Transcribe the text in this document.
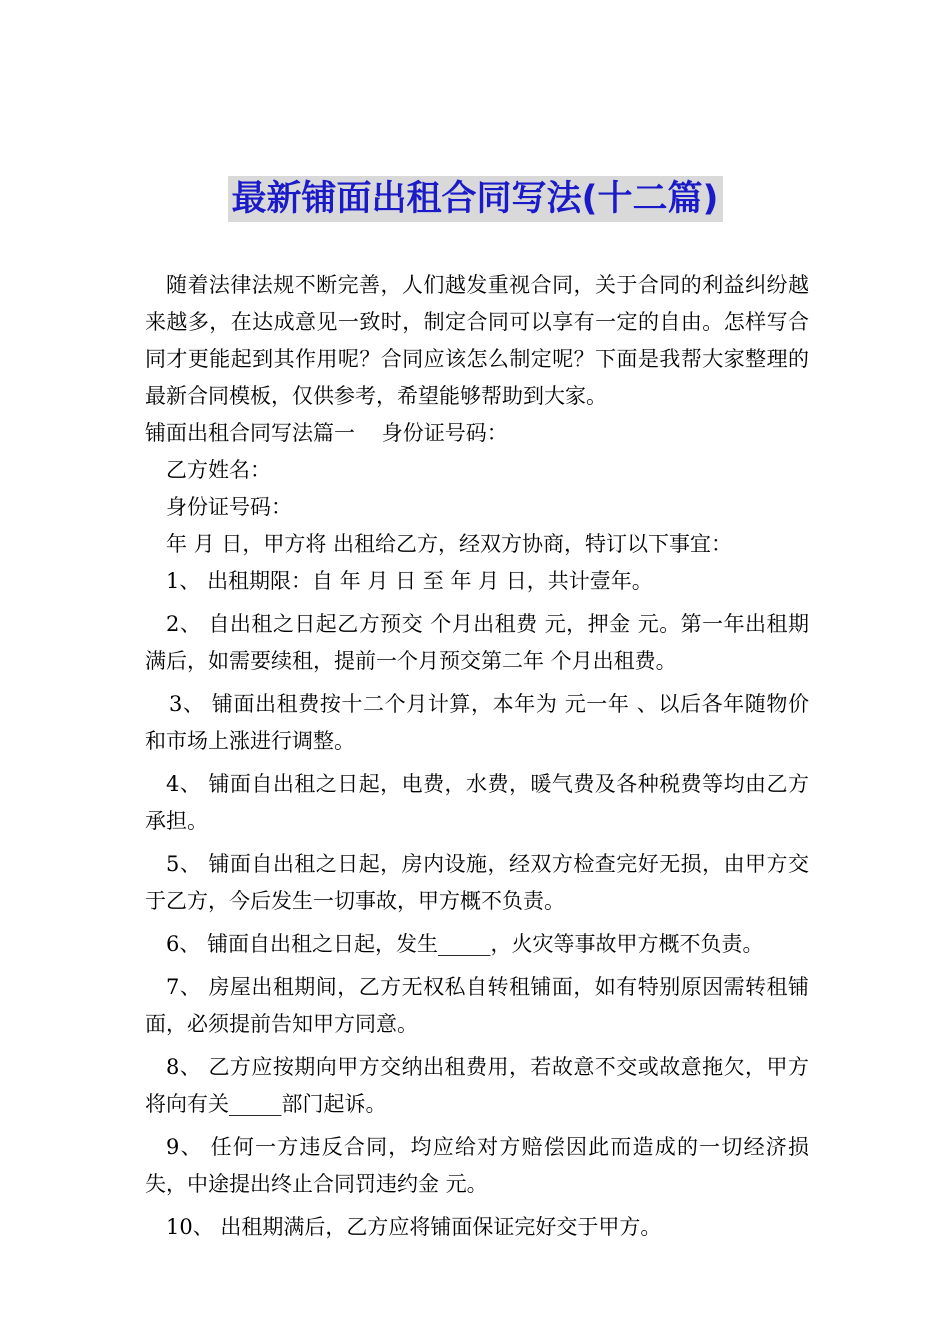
最新铺面出租合同写法(十二篇)

随着法律法规不断完善，人们越发重视合同，关于合同的利益纠纷越来越多，在达成意见一致时，制定合同可以享有一定的自由。怎样写合同才更能起到其作用呢？合同应该怎么制定呢？下面是我帮大家整理的最新合同模板，仅供参考，希望能够帮助到大家。

铺面出租合同写法篇一    身份证号码：

乙方姓名：

身份证号码：

年 月 日，甲方将 出租给乙方，经双方协商，特订以下事宜：

1、 出租期限：自 年 月 日 至 年 月 日，共计壹年。

2、 自出租之日起乙方预交 个月出租费 元，押金 元。第一年出租期满后，如需要续租，提前一个月预交第二年 个月出租费。

3、 铺面出租费按十二个月计算，本年为 元一年 、以后各年随物价和市场上涨进行调整。

4、 铺面自出租之日起，电费，水费，暖气费及各种税费等均由乙方承担。

5、 铺面自出租之日起，房内设施，经双方检查完好无损，由甲方交于乙方，今后发生一切事故，甲方概不负责。

6、 铺面自出租之日起，发生_____，火灾等事故甲方概不负责。

7、 房屋出租期间，乙方无权私自转租铺面，如有特别原因需转租铺面，必须提前告知甲方同意。

8、 乙方应按期向甲方交纳出租费用，若故意不交或故意拖欠，甲方将向有关_____部门起诉。

9、 任何一方违反合同，均应给对方赔偿因此而造成的一切经济损失，中途提出终止合同罚违约金 元。

10、 出租期满后，乙方应将铺面保证完好交于甲方。
